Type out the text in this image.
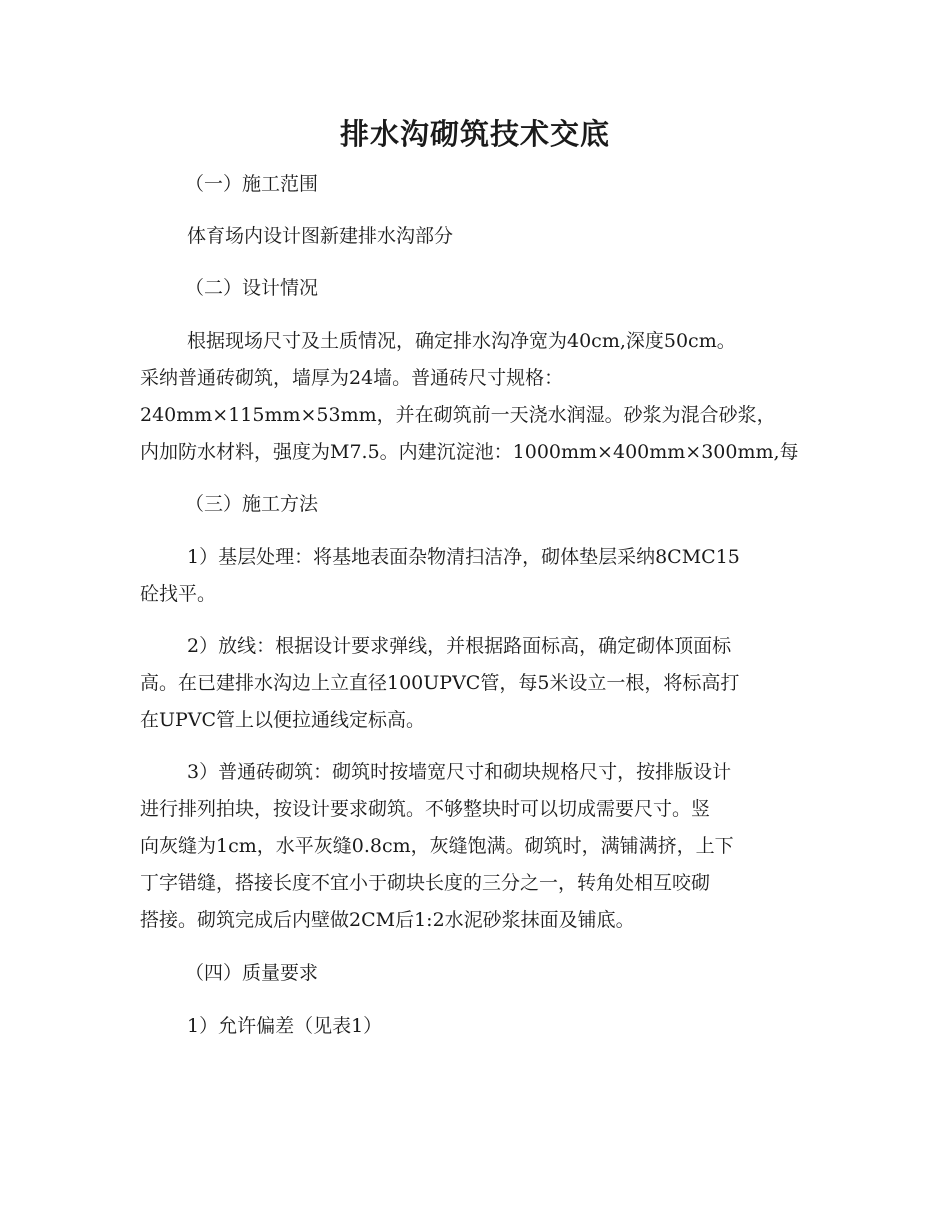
排水沟砌筑技术交底
（一）施工范围
体育场内设计图新建排水沟部分
（二）设计情况
根据现场尺寸及土质情况，确定排水沟净宽为40cm,深度50cm。
采纳普通砖砌筑，墙厚为24墙。普通砖尺寸规格：
240mm×115mm×53mm，并在砌筑前一天浇水润湿。砂浆为混合砂浆，
内加防水材料，强度为M7.5。内建沉淀池：1000mm×400mm×300mm,每
（三）施工方法
1）基层处理：将基地表面杂物清扫洁净，砌体垫层采纳8CMC15
砼找平。
2）放线：根据设计要求弹线，并根据路面标高，确定砌体顶面标
高。在已建排水沟边上立直径100UPVC管，每5米设立一根，将标高打
在UPVC管上以便拉通线定标高。
3）普通砖砌筑：砌筑时按墙宽尺寸和砌块规格尺寸，按排版设计
进行排列拍块，按设计要求砌筑。不够整块时可以切成需要尺寸。竖
向灰缝为1cm，水平灰缝0.8cm，灰缝饱满。砌筑时，满铺满挤，上下
丁字错缝，搭接长度不宜小于砌块长度的三分之一，转角处相互咬砌
搭接。砌筑完成后内壁做2CM后1:2水泥砂浆抹面及铺底。
（四）质量要求
1）允许偏差（见表1）
